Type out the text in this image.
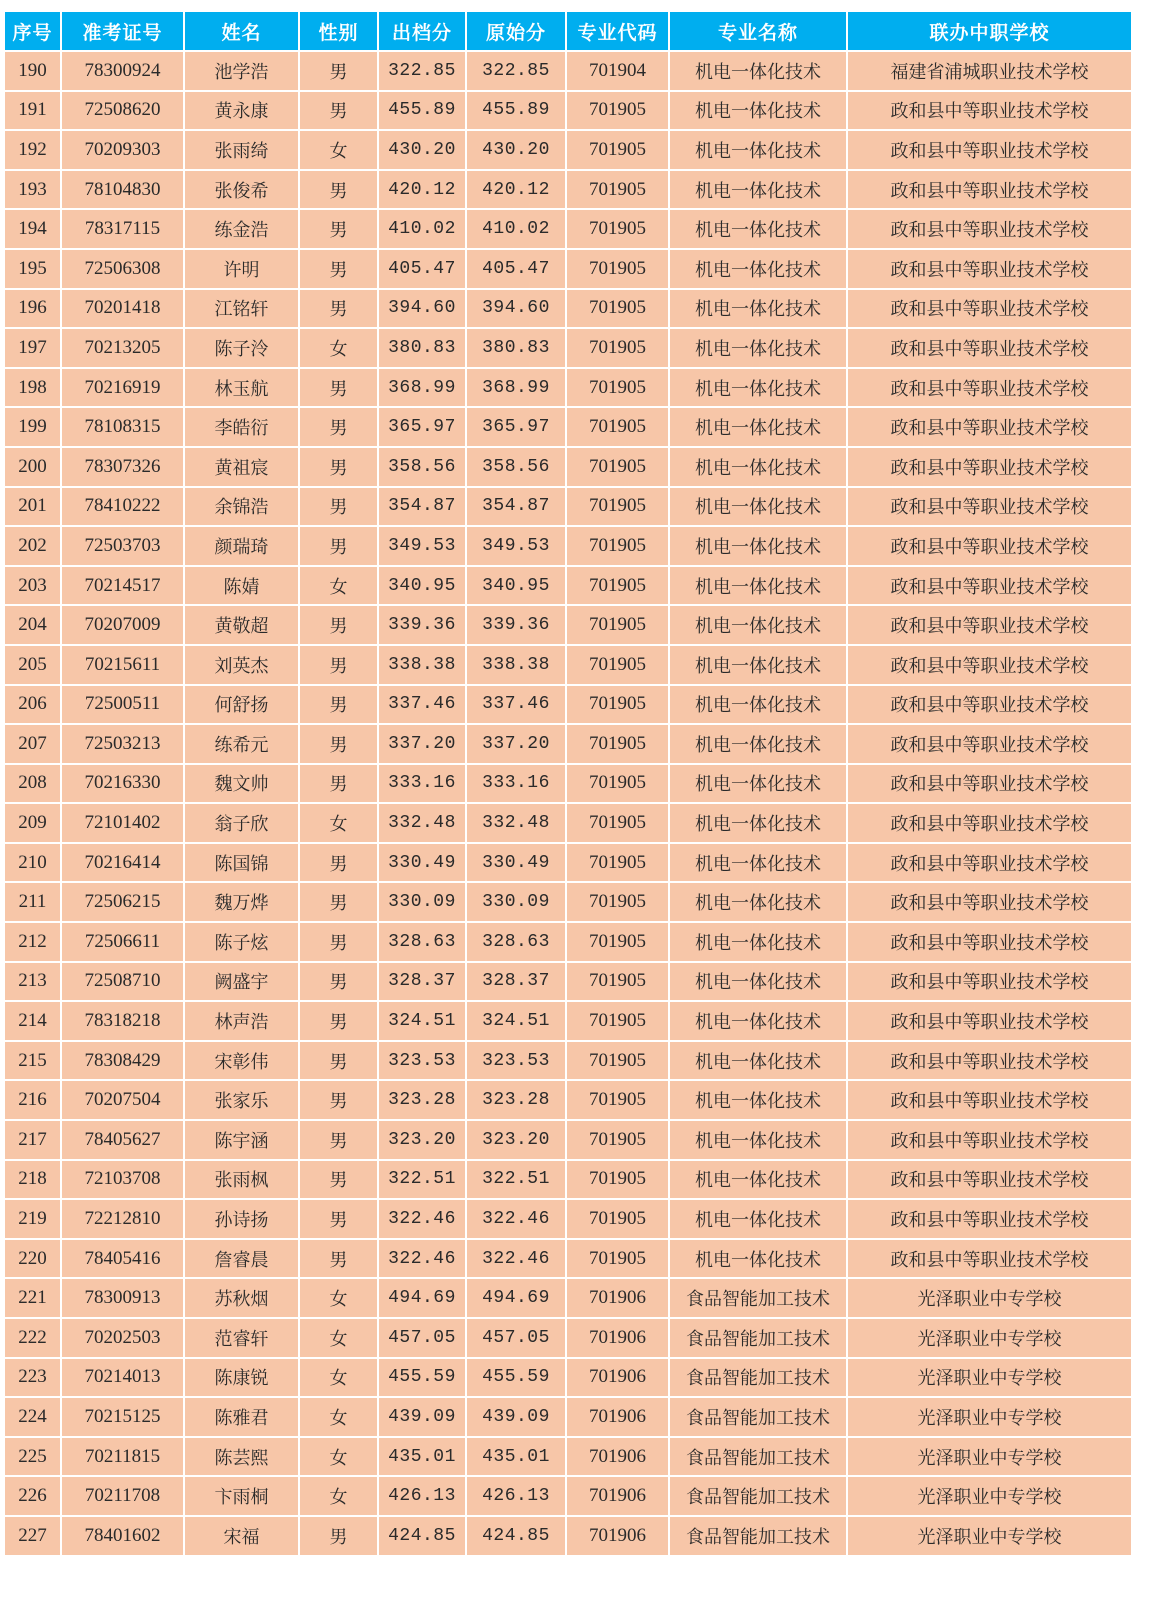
序号	准考证号	姓名	性别	出档分	原始分	专业代码	专业名称	联办中职学校
190	78300924	池学浩	男	322.85	322.85	701904	机电一体化技术	福建省浦城职业技术学校
191	72508620	黄永康	男	455.89	455.89	701905	机电一体化技术	政和县中等职业技术学校
192	70209303	张雨绮	女	430.20	430.20	701905	机电一体化技术	政和县中等职业技术学校
193	78104830	张俊希	男	420.12	420.12	701905	机电一体化技术	政和县中等职业技术学校
194	78317115	练金浩	男	410.02	410.02	701905	机电一体化技术	政和县中等职业技术学校
195	72506308	许明	男	405.47	405.47	701905	机电一体化技术	政和县中等职业技术学校
196	70201418	江铭轩	男	394.60	394.60	701905	机电一体化技术	政和县中等职业技术学校
197	70213205	陈子泠	女	380.83	380.83	701905	机电一体化技术	政和县中等职业技术学校
198	70216919	林玉航	男	368.99	368.99	701905	机电一体化技术	政和县中等职业技术学校
199	78108315	李皓衍	男	365.97	365.97	701905	机电一体化技术	政和县中等职业技术学校
200	78307326	黄祖宸	男	358.56	358.56	701905	机电一体化技术	政和县中等职业技术学校
201	78410222	余锦浩	男	354.87	354.87	701905	机电一体化技术	政和县中等职业技术学校
202	72503703	颜瑞琦	男	349.53	349.53	701905	机电一体化技术	政和县中等职业技术学校
203	70214517	陈婧	女	340.95	340.95	701905	机电一体化技术	政和县中等职业技术学校
204	70207009	黄敬超	男	339.36	339.36	701905	机电一体化技术	政和县中等职业技术学校
205	70215611	刘英杰	男	338.38	338.38	701905	机电一体化技术	政和县中等职业技术学校
206	72500511	何舒扬	男	337.46	337.46	701905	机电一体化技术	政和县中等职业技术学校
207	72503213	练希元	男	337.20	337.20	701905	机电一体化技术	政和县中等职业技术学校
208	70216330	魏文帅	男	333.16	333.16	701905	机电一体化技术	政和县中等职业技术学校
209	72101402	翁子欣	女	332.48	332.48	701905	机电一体化技术	政和县中等职业技术学校
210	70216414	陈国锦	男	330.49	330.49	701905	机电一体化技术	政和县中等职业技术学校
211	72506215	魏万烨	男	330.09	330.09	701905	机电一体化技术	政和县中等职业技术学校
212	72506611	陈子炫	男	328.63	328.63	701905	机电一体化技术	政和县中等职业技术学校
213	72508710	阙盛宇	男	328.37	328.37	701905	机电一体化技术	政和县中等职业技术学校
214	78318218	林声浩	男	324.51	324.51	701905	机电一体化技术	政和县中等职业技术学校
215	78308429	宋彰伟	男	323.53	323.53	701905	机电一体化技术	政和县中等职业技术学校
216	70207504	张家乐	男	323.28	323.28	701905	机电一体化技术	政和县中等职业技术学校
217	78405627	陈宇涵	男	323.20	323.20	701905	机电一体化技术	政和县中等职业技术学校
218	72103708	张雨枫	男	322.51	322.51	701905	机电一体化技术	政和县中等职业技术学校
219	72212810	孙诗扬	男	322.46	322.46	701905	机电一体化技术	政和县中等职业技术学校
220	78405416	詹睿晨	男	322.46	322.46	701905	机电一体化技术	政和县中等职业技术学校
221	78300913	苏秋烟	女	494.69	494.69	701906	食品智能加工技术	光泽职业中专学校
222	70202503	范睿轩	女	457.05	457.05	701906	食品智能加工技术	光泽职业中专学校
223	70214013	陈康锐	女	455.59	455.59	701906	食品智能加工技术	光泽职业中专学校
224	70215125	陈雅君	女	439.09	439.09	701906	食品智能加工技术	光泽职业中专学校
225	70211815	陈芸熙	女	435.01	435.01	701906	食品智能加工技术	光泽职业中专学校
226	70211708	卞雨桐	女	426.13	426.13	701906	食品智能加工技术	光泽职业中专学校
227	78401602	宋福	男	424.85	424.85	701906	食品智能加工技术	光泽职业中专学校
